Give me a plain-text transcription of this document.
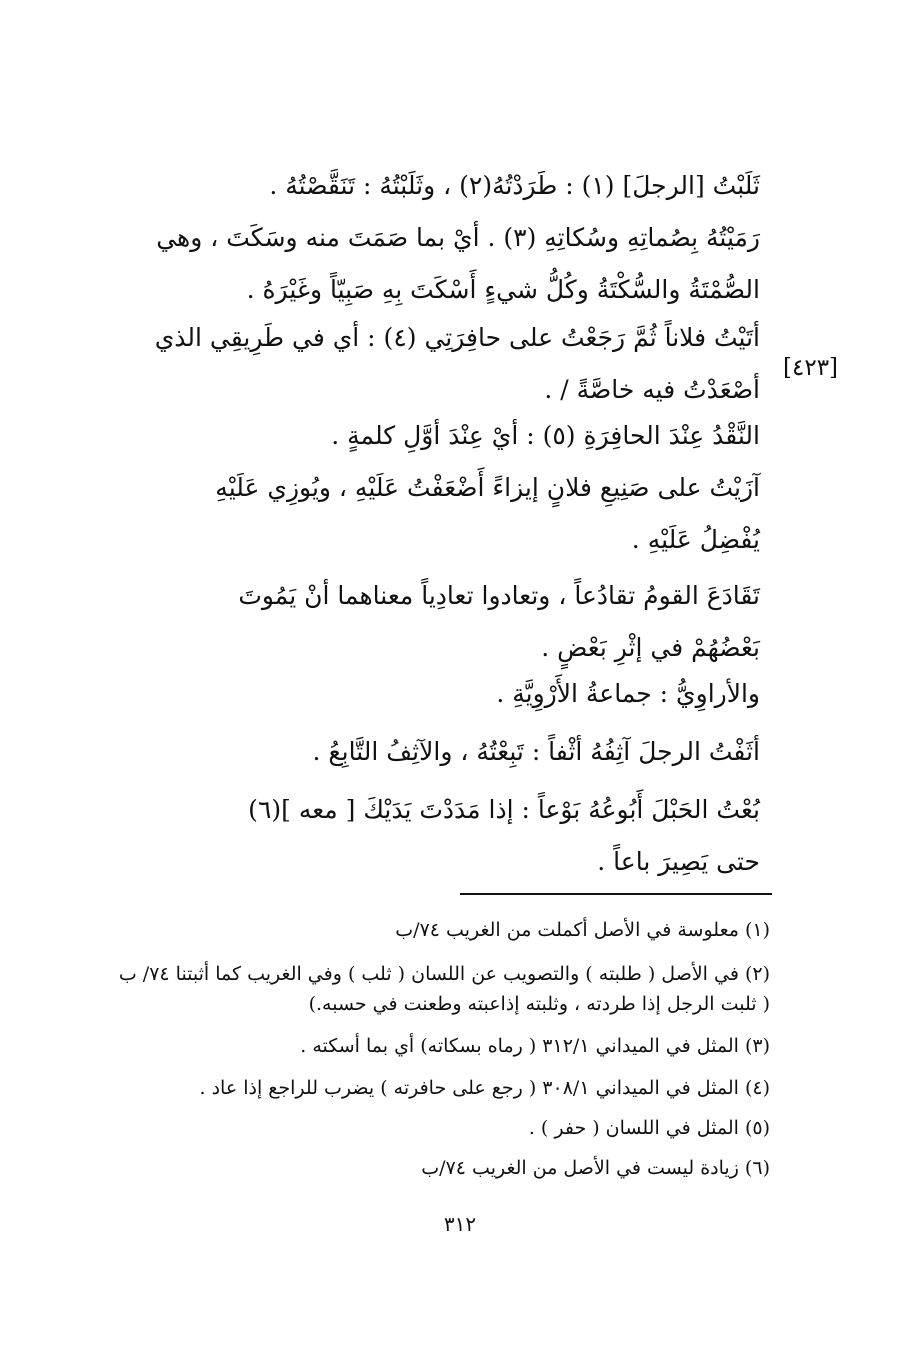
ثَلَبْتُ [الرجلَ] (١) : طَرَدْتُهُ(٢) ، وثَلَبْتُهُ : تَنَقَّصْتُهُ .
رَمَيْتُهُ بِصُماتِهِ وسُكاتِهِ (٣) . أيْ بما صَمَتَ منه وسَكَتَ ، وهي
الصُّمْتَةُ والسُّكْتَةُ وكُلُّ شيءٍ أَسْكَتَ بِهِ صَبِيّاً وغَيْرَهُ .

أتَيْتُ فلاناً ثُمَّ رَجَعْتُ على حافِرَتِي (٤) : أي في طَرِيقِي الذي
أصْعَدْتُ فيه خاصَّةً / .

النَّقْدُ عِنْدَ الحافِرَةِ (٥) : أيْ عِنْدَ أوَّلِ كلمةٍ .

آزَيْتُ على صَنِيعِ فلانٍ إيزاءً أَضْعَفْتُ عَلَيْهِ ، ويُوزِي عَلَيْهِ
يُفْضِلُ عَلَيْهِ .

تَقَادَعَ القومُ تقادُعاً ، وتعادوا تعادِياً معناهما أنْ يَمُوتَ
بَعْضُهُمْ في إثْرِ بَعْضٍ .

والأراوِيُّ : جماعةُ الأَرْوِيَّةِ .

أثَفْتُ الرجلَ آثِفُهُ أثْفاً : تَبِعْتُهُ ، والآثِفُ التَّابِعُ .

بُعْتُ الحَبْلَ أَبُوعُهُ بَوْعاً : إذا مَدَدْتَ يَدَيْكَ [ معه ](٦)
حتى يَصِيرَ باعاً .

[٤٢٣]
(١) معلوسة في الأصل أكملت من الغريب ٧٤/ب
(٢) في الأصل ( طلبته ) والتصويب عن اللسان ( ثلب ) وفي الغريب كما أثبتنا ٧٤/ ب
( ثلبت الرجل إذا طردته ، وثلبته إذاعبته وطعنت في حسبه.)
(٣) المثل في الميداني ٣١٢/١ ( رماه بسكاته) أي بما أسكته .
(٤) المثل في الميداني ٣٠٨/١ ( رجع على حافرته ) يضرب للراجع إذا عاد .
(٥) المثل في اللسان ( حفر ) .
(٦) زيادة ليست في الأصل من الغريب ٧٤/ب
٣١٢
